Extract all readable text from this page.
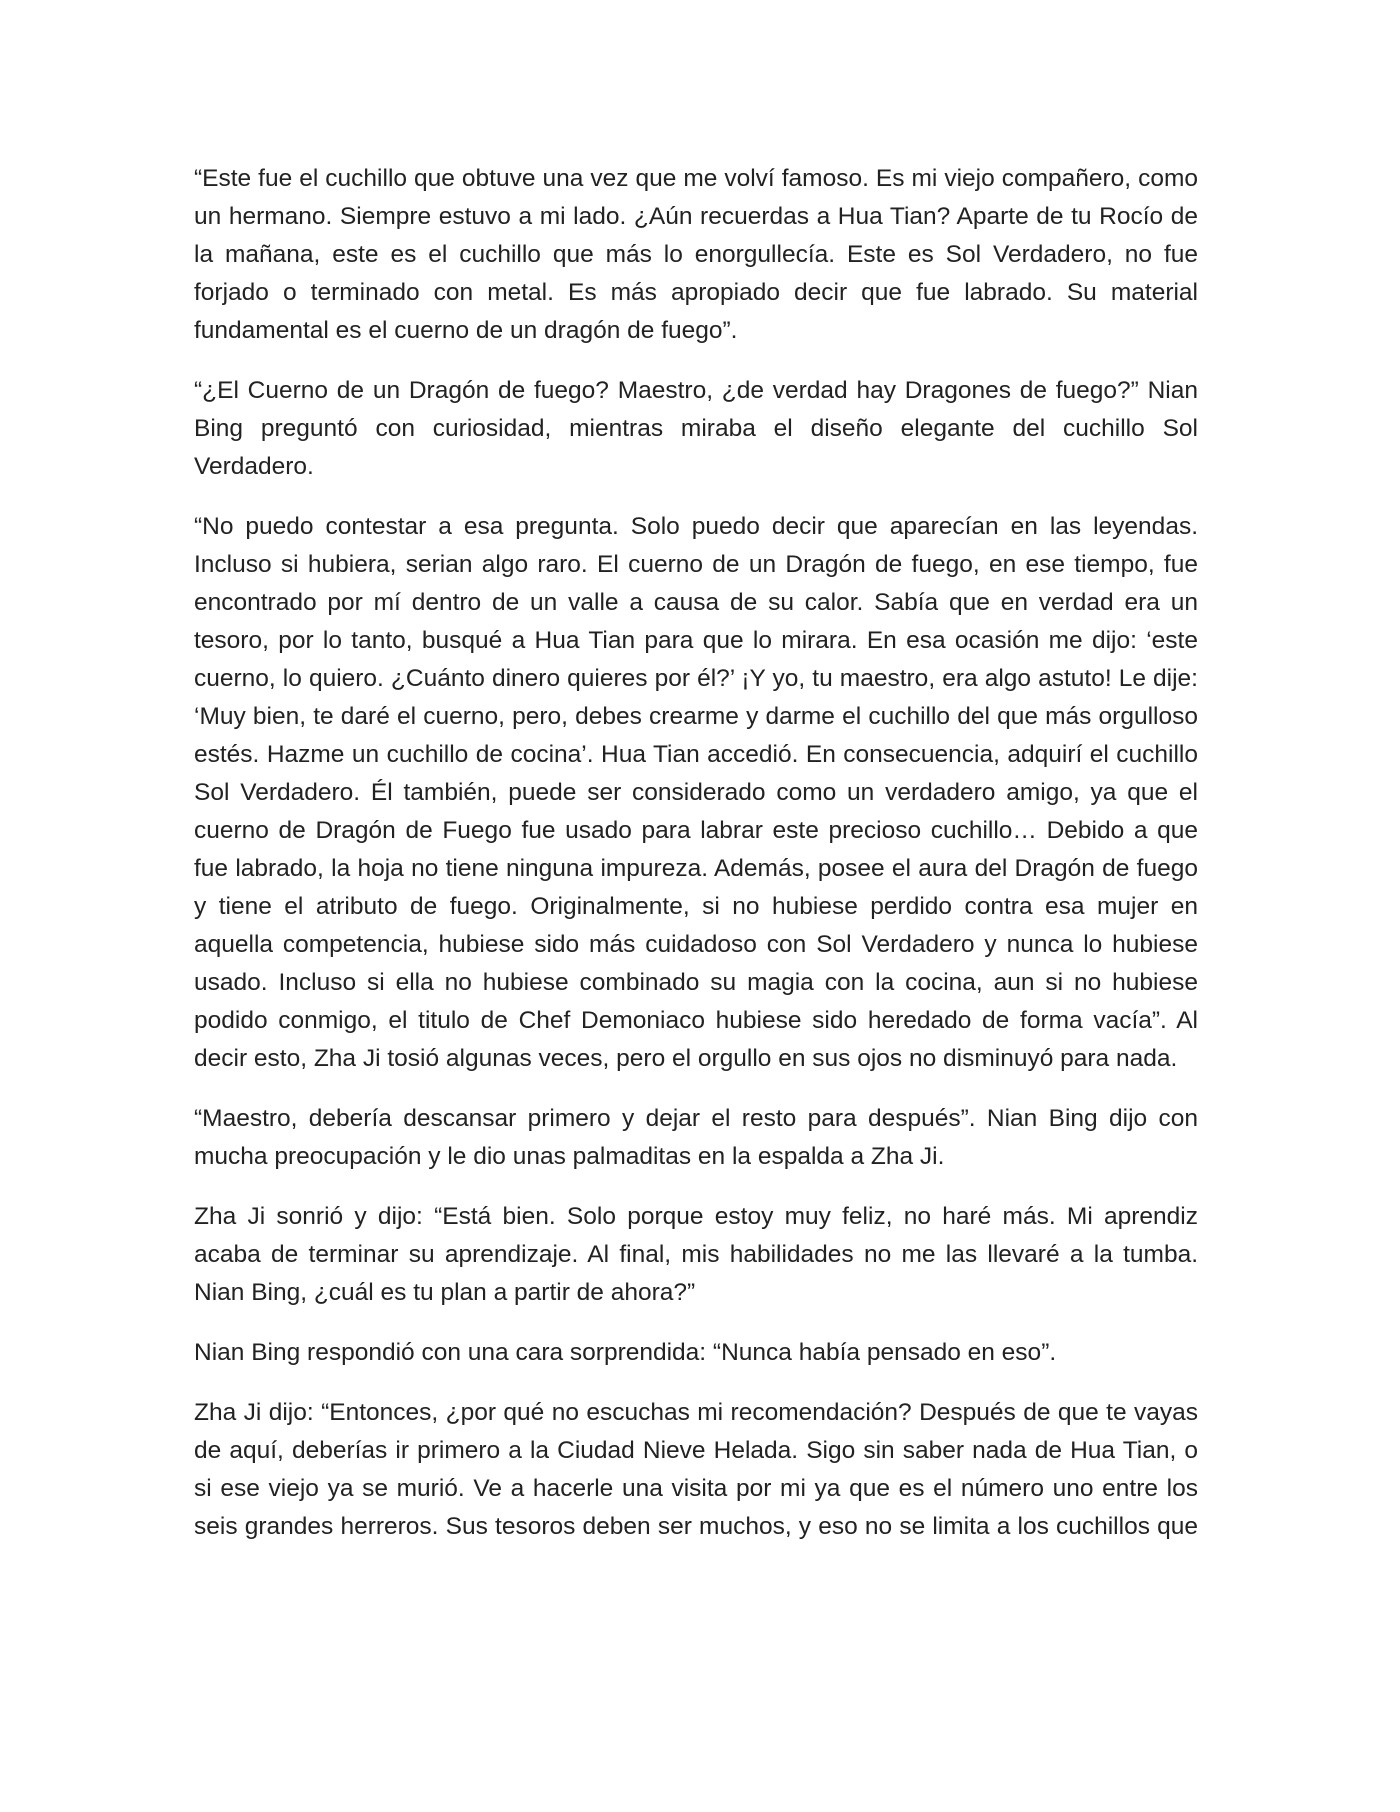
“Este fue el cuchillo que obtuve una vez que me volví famoso. Es mi viejo compañero, como un hermano. Siempre estuvo a mi lado. ¿Aún recuerdas a Hua Tian? Aparte de tu Rocío de la mañana, este es el cuchillo que más lo enorgullecía. Este es Sol Verdadero, no fue forjado o terminado con metal. Es más apropiado decir que fue labrado. Su material fundamental es el cuerno de un dragón de fuego”.

“¿El Cuerno de un Dragón de fuego? Maestro, ¿de verdad hay Dragones de fuego?” Nian Bing preguntó con curiosidad, mientras miraba el diseño elegante del cuchillo Sol Verdadero.

“No puedo contestar a esa pregunta. Solo puedo decir que aparecían en las leyendas. Incluso si hubiera, serian algo raro. El cuerno de un Dragón de fuego, en ese tiempo, fue encontrado por mí dentro de un valle a causa de su calor. Sabía que en verdad era un tesoro, por lo tanto, busqué a Hua Tian para que lo mirara. En esa ocasión me dijo: ‘este cuerno, lo quiero. ¿Cuánto dinero quieres por él?’ ¡Y yo, tu maestro, era algo astuto! Le dije: ‘Muy bien, te daré el cuerno, pero, debes crearme y darme el cuchillo del que más orgulloso estés. Hazme un cuchillo de cocina’. Hua Tian accedió. En consecuencia, adquirí el cuchillo Sol Verdadero. Él también, puede ser considerado como un verdadero amigo, ya que el cuerno de Dragón de Fuego fue usado para labrar este precioso cuchillo… Debido a que fue labrado, la hoja no tiene ninguna impureza. Además, posee el aura del Dragón de fuego y tiene el atributo de fuego. Originalmente, si no hubiese perdido contra esa mujer en aquella competencia, hubiese sido más cuidadoso con Sol Verdadero y nunca lo hubiese usado. Incluso si ella no hubiese combinado su magia con la cocina, aun si no hubiese podido conmigo, el titulo de Chef Demoniaco hubiese sido heredado de forma vacía”. Al decir esto, Zha Ji tosió algunas veces, pero el orgullo en sus ojos no disminuyó para nada.

“Maestro, debería descansar primero y dejar el resto para después”. Nian Bing dijo con mucha preocupación y le dio unas palmaditas en la espalda a Zha Ji.

Zha Ji sonrió y dijo: “Está bien. Solo porque estoy muy feliz, no haré más. Mi aprendiz acaba de terminar su aprendizaje. Al final, mis habilidades no me las llevaré a la tumba. Nian Bing, ¿cuál es tu plan a partir de ahora?”

Nian Bing respondió con una cara sorprendida: “Nunca había pensado en eso”.

Zha Ji dijo: “Entonces, ¿por qué no escuchas mi recomendación? Después de que te vayas de aquí, deberías ir primero a la Ciudad Nieve Helada. Sigo sin saber nada de Hua Tian, o si ese viejo ya se murió. Ve a hacerle una visita por mi ya que es el número uno entre los seis grandes herreros. Sus tesoros deben ser muchos, y eso no se limita a los cuchillos que
